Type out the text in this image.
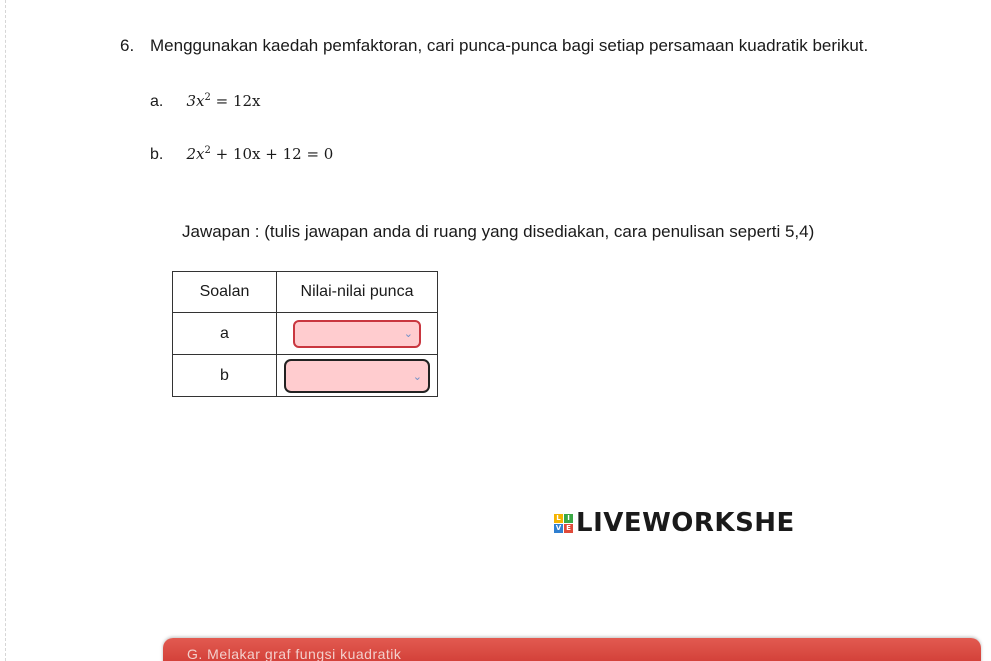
6. Menggunakan kaedah pemfaktoran, cari punca-punca bagi setiap persamaan kuadratik berikut.
a. $3x^2 = 12x$
b. $2x^2 + 10x + 12 = 0$
Jawapan : (tulis jawapan anda di ruang yang disediakan, cara penulisan seperti 5,4)
Soalan	Nilai-nilai punca
a	⌄

b	⌄
L I
V E LIVEWORKSHE
G. Melakar graf fungsi kuadratik
